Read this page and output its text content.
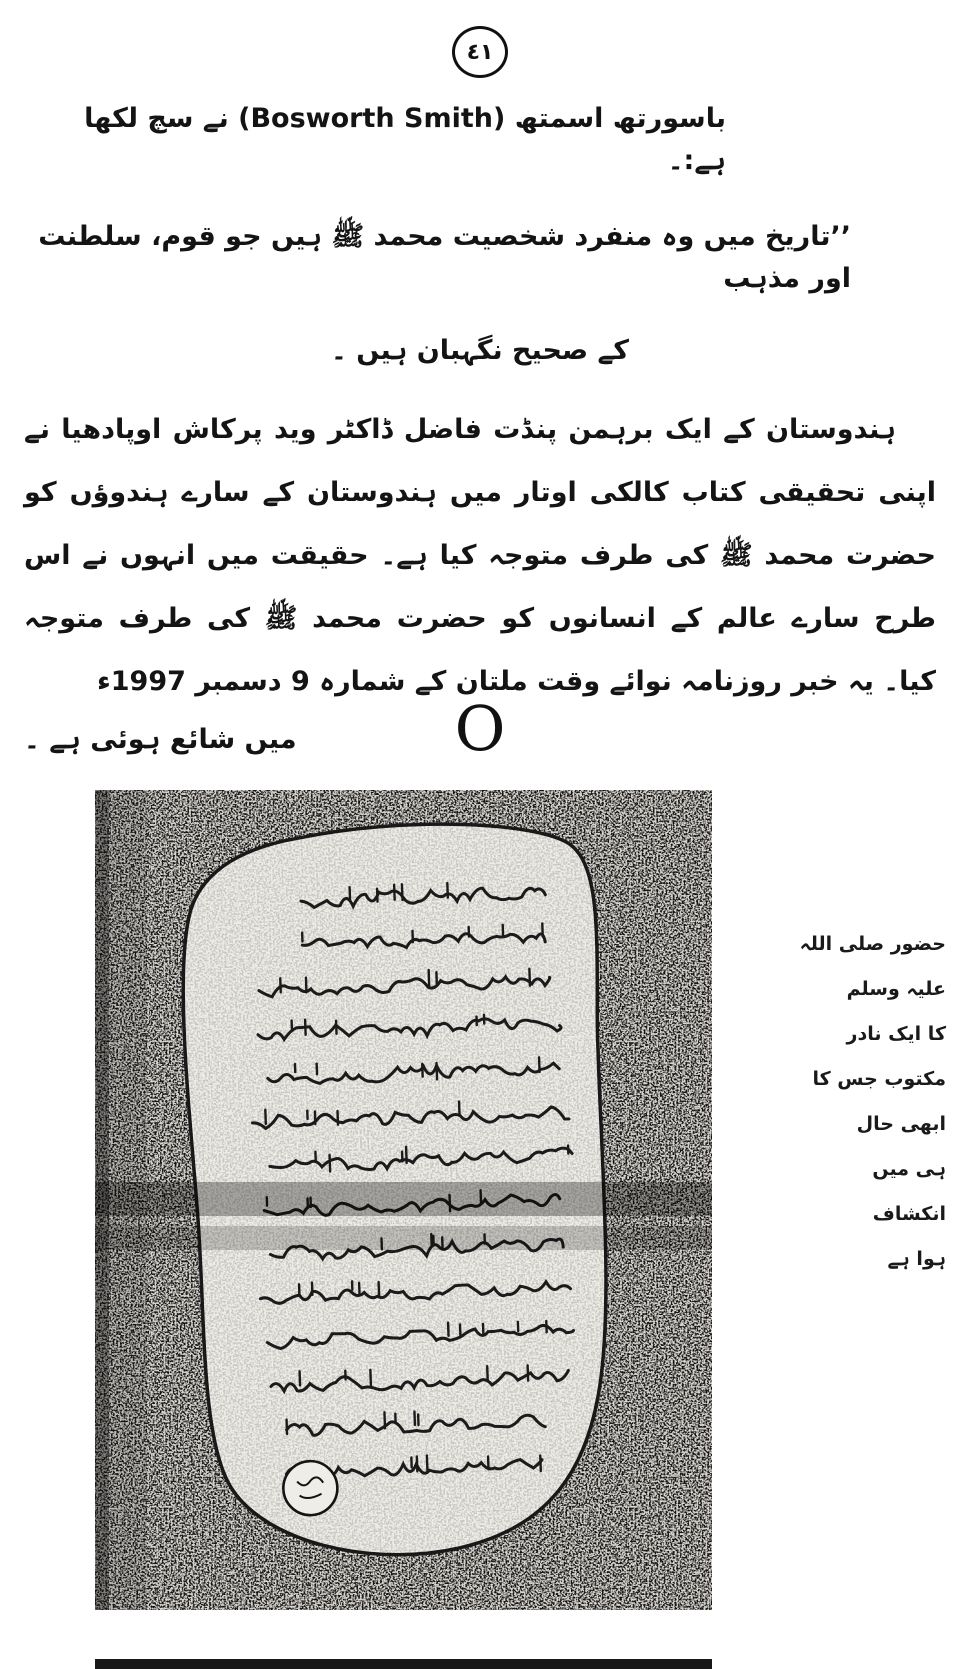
٤١

باسورتھ اسمتھ (Bosworth Smith) نے سچ لکھا ہے:۔

’’تاریخ میں وہ منفرد شخصیت محمد ﷺ ہیں جو قوم، سلطنت اور مذہب

کے صحیح نگہبان ہیں ۔

ہندوستان کے ایک برہمن پنڈت فاضل ڈاکٹر وید پرکاش اوپادھیا نے اپنی تحقیقی کتاب کالکی اوتار میں ہندوستان کے سارے ہندوؤں کو حضرت محمد ﷺ کی طرف متوجہ کیا ہے۔ حقیقت میں انہوں نے اس طرح سارے عالم کے انسانوں کو حضرت محمد ﷺ کی طرف متوجہ کیا۔ یہ خبر روزنامہ نوائے وقت ملتان کے شمارہ 9 دسمبر 1997ء

میں شائع ہوئی ہے ۔	O
حضور صلی اللہ
علیہ وسلم
کا ایک نادر
مکتوب جس کا
ابھی حال
ہی میں
انکشاف
ہوا ہے
